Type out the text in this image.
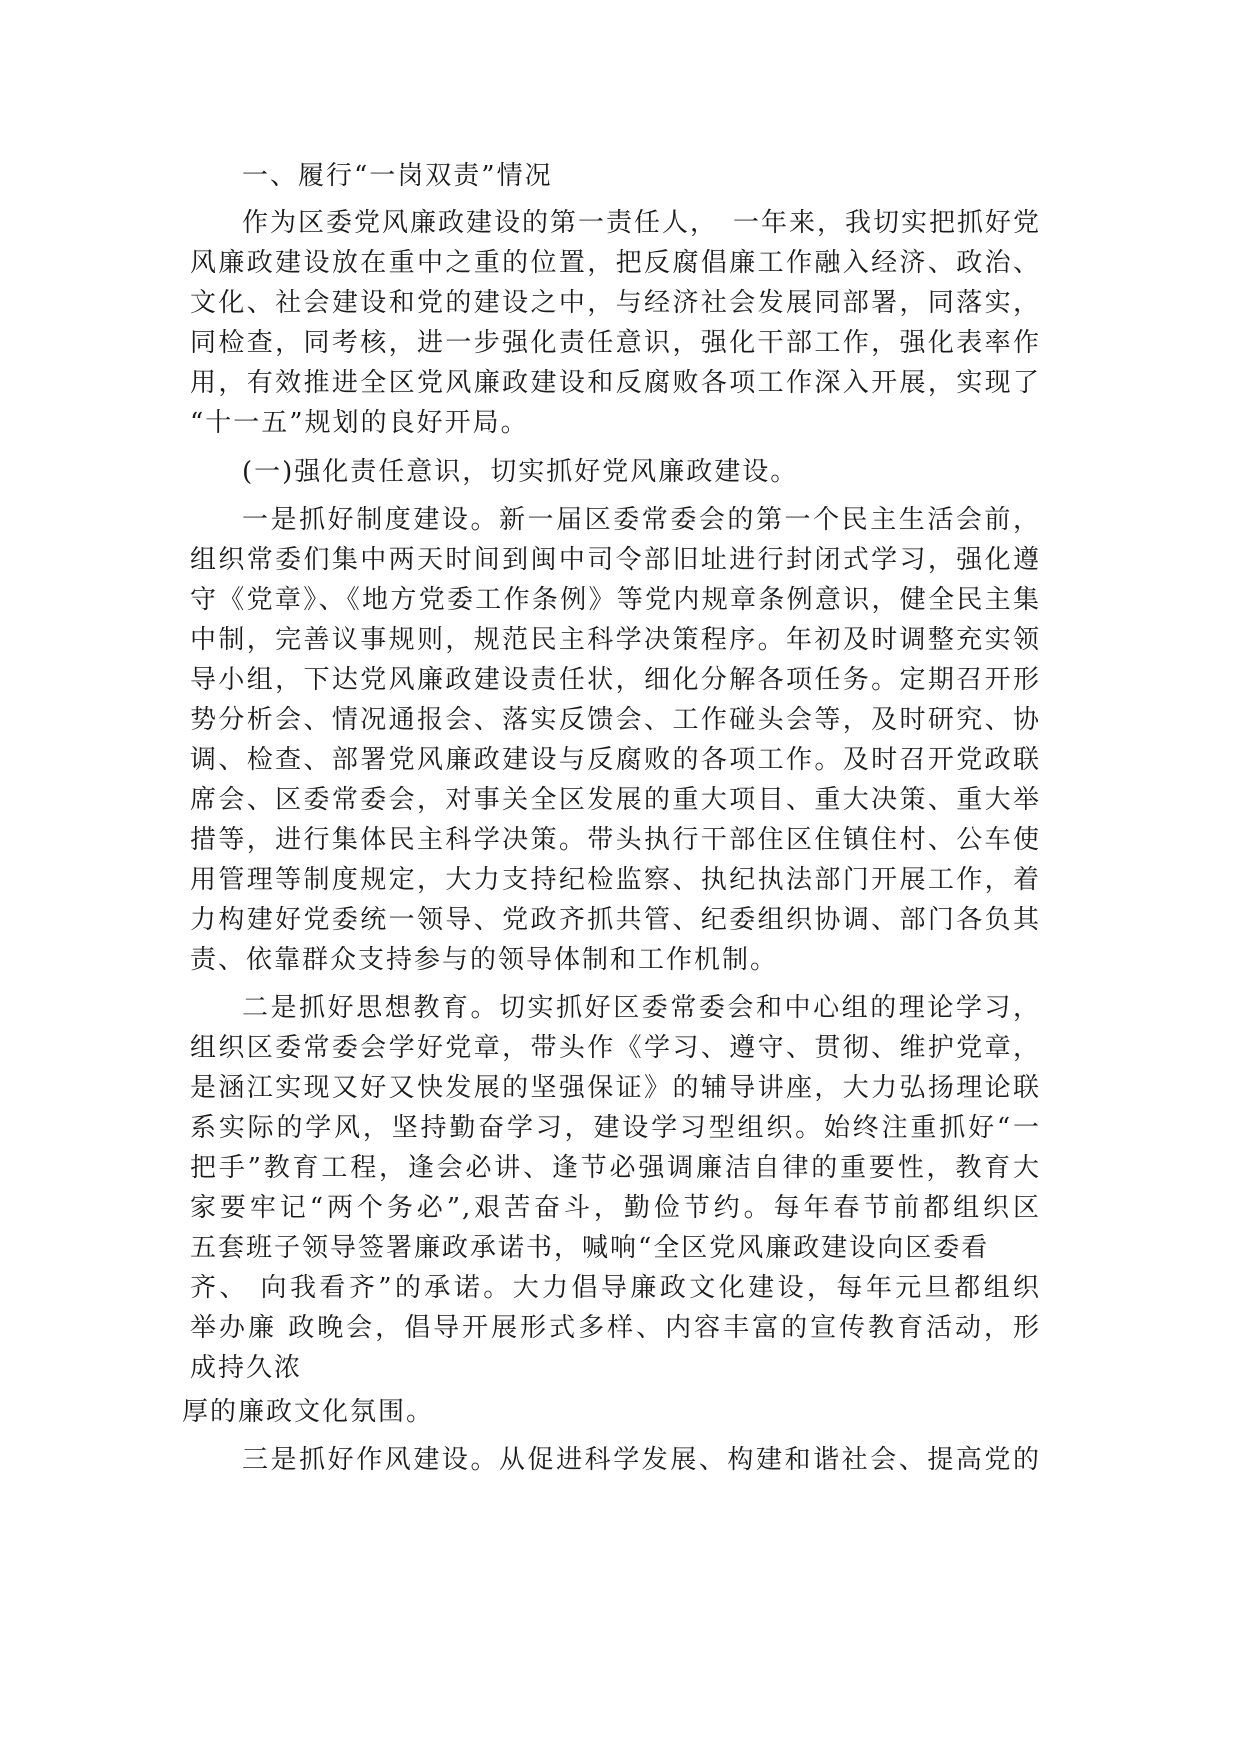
一、履行“一岗双责”情况
作为区委党风廉政建设的第一责任人，　一年来，我切实把抓好党
风廉政建设放在重中之重的位置，把反腐倡廉工作融入经济、政治、
文化、社会建设和党的建设之中，与经济社会发展同部署，同落实，
同检查，同考核，进一步强化责任意识，强化干部工作，强化表率作
用，有效推进全区党风廉政建设和反腐败各项工作深入开展，实现了
“十一五”规划的良好开局。
(一)强化责任意识，切实抓好党风廉政建设。
一是抓好制度建设。新一届区委常委会的第一个民主生活会前，
组织常委们集中两天时间到闽中司令部旧址进行封闭式学习，强化遵
守《党章》、《地方党委工作条例》等党内规章条例意识，健全民主集
中制，完善议事规则，规范民主科学决策程序。年初及时调整充实领
导小组，下达党风廉政建设责任状，细化分解各项任务。定期召开形
势分析会、情况通报会、落实反馈会、工作碰头会等，及时研究、协
调、检查、部署党风廉政建设与反腐败的各项工作。及时召开党政联
席会、区委常委会，对事关全区发展的重大项目、重大决策、重大举
措等，进行集体民主科学决策。带头执行干部住区住镇住村、公车使
用管理等制度规定，大力支持纪检监察、执纪执法部门开展工作，着
力构建好党委统一领导、党政齐抓共管、纪委组织协调、部门各负其
责、依靠群众支持参与的领导体制和工作机制。
二是抓好思想教育。切实抓好区委常委会和中心组的理论学习，
组织区委常委会学好党章，带头作《学习、遵守、贯彻、维护党章，
是涵江实现又好又快发展的坚强保证》的辅导讲座，大力弘扬理论联
系实际的学风，坚持勤奋学习，建设学习型组织。始终注重抓好“一
把手”教育工程，逢会必讲、逢节必强调廉洁自律的重要性，教育大
家要牢记“两个务必”,艰苦奋斗，勤俭节约。每年春节前都组织区
五套班子领导签署廉政承诺书，喊响“全区党风廉政建设向区委看
齐、 向我看齐”的承诺。大力倡导廉政文化建设，每年元旦都组织
举办廉 政晚会，倡导开展形式多样、内容丰富的宣传教育活动，形
成持久浓
厚的廉政文化氛围。
三是抓好作风建设。从促进科学发展、构建和谐社会、提高党的
